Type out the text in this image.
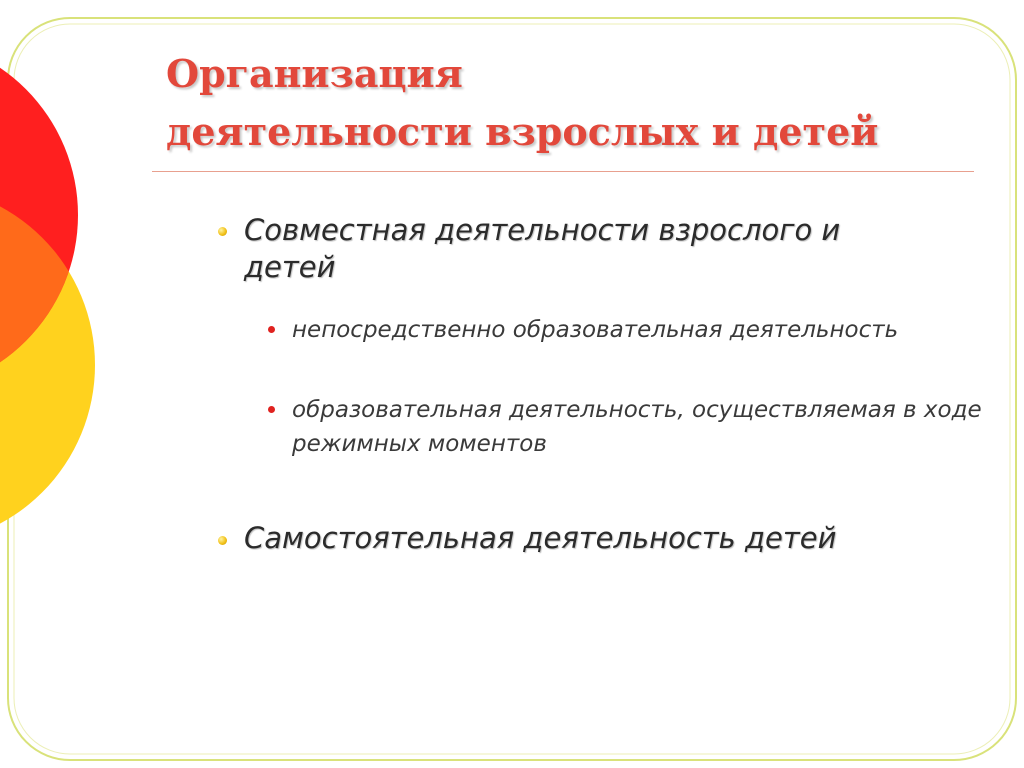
Организация
деятельности взрослых и детей

Совместная деятельности взрослого и детей

непосредственно образовательная деятельность

образовательная деятельность, осуществляемая в ходе режимных моментов

Самостоятельная деятельность детей
